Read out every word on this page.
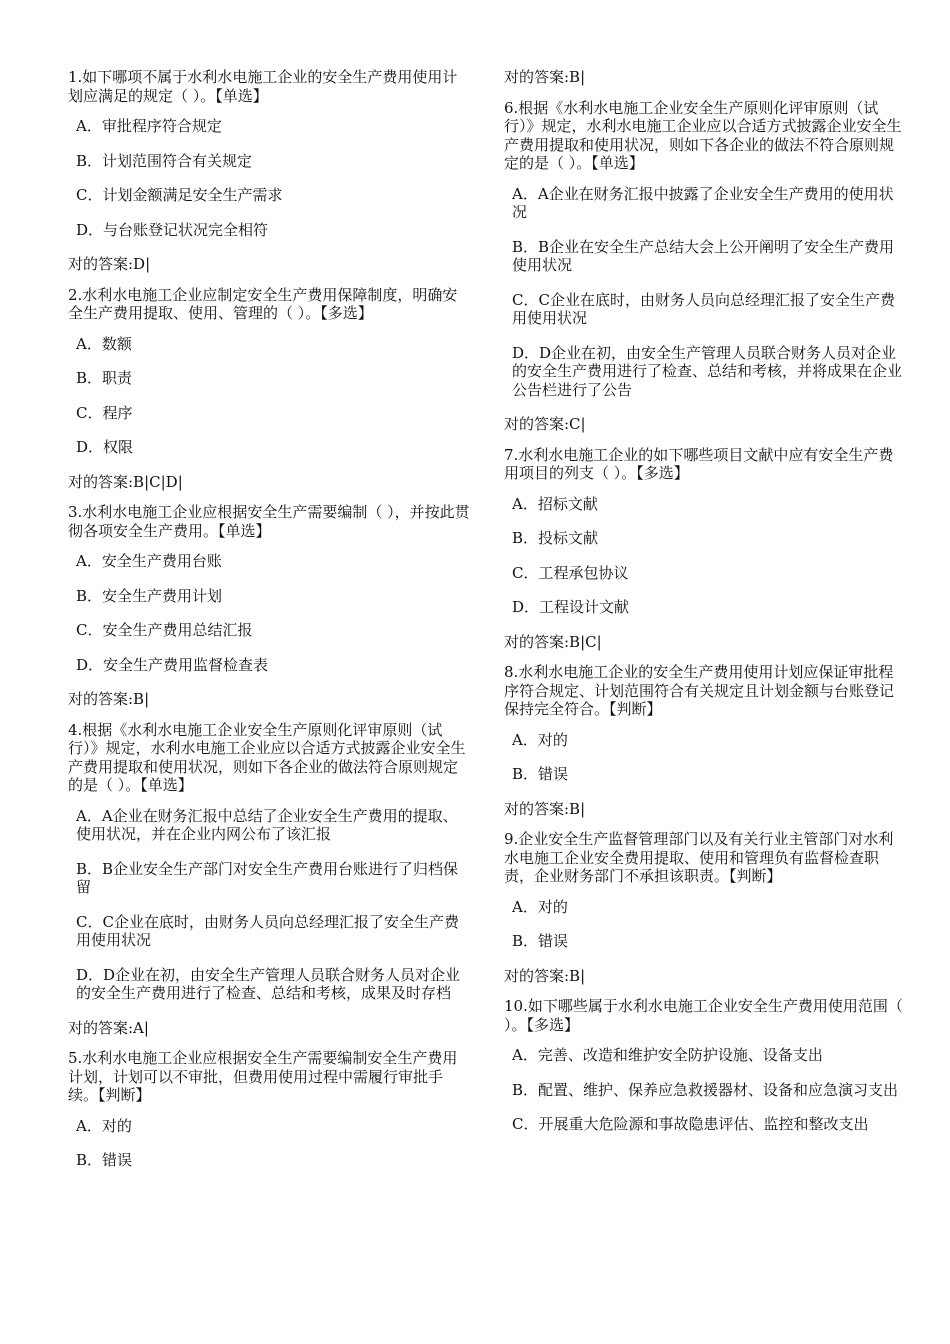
1.如下哪项不属于水利水电施工企业的安全生产费用使用计划应满足的规定（ ）。【单选】

A．审批程序符合规定

B．计划范围符合有关规定

C．计划金额满足安全生产需求

D．与台账登记状况完全相符

对的答案:D|

2.水利水电施工企业应制定安全生产费用保障制度，明确安全生产费用提取、使用、管理的（ ）。【多选】

A．数额

B．职责

C．程序

D．权限

对的答案:B|C|D|

3.水利水电施工企业应根据安全生产需要编制（ ），并按此贯彻各项安全生产费用。【单选】

A．安全生产费用台账

B．安全生产费用计划

C．安全生产费用总结汇报

D．安全生产费用监督检查表

对的答案:B|

4.根据《水利水电施工企业安全生产原则化评审原则（试行）》规定，水利水电施工企业应以合适方式披露企业安全生产费用提取和使用状况，则如下各企业的做法符合原则规定的是（ ）。【单选】

A．A企业在财务汇报中总结了企业安全生产费用的提取、使用状况，并在企业内网公布了该汇报

B．B企业安全生产部门对安全生产费用台账进行了归档保留

C．C企业在底时，由财务人员向总经理汇报了安全生产费用使用状况

D．D企业在初，由安全生产管理人员联合财务人员对企业的安全生产费用进行了检查、总结和考核，成果及时存档

对的答案:A|

5.水利水电施工企业应根据安全生产需要编制安全生产费用计划，计划可以不审批，但费用使用过程中需履行审批手续。【判断】

A．对的

B．错误

对的答案:B|

6.根据《水利水电施工企业安全生产原则化评审原则（试行）》规定，水利水电施工企业应以合适方式披露企业安全生产费用提取和使用状况，则如下各企业的做法不符合原则规定的是（ ）。【单选】

A．A企业在财务汇报中披露了企业安全生产费用的使用状况

B．B企业在安全生产总结大会上公开阐明了安全生产费用使用状况

C．C企业在底时，由财务人员向总经理汇报了安全生产费用使用状况

D．D企业在初，由安全生产管理人员联合财务人员对企业的安全生产费用进行了检查、总结和考核，并将成果在企业公告栏进行了公告

对的答案:C|

7.水利水电施工企业的如下哪些项目文献中应有安全生产费用项目的列支（ ）。【多选】

A．招标文献

B．投标文献

C．工程承包协议

D．工程设计文献

对的答案:B|C|

8.水利水电施工企业的安全生产费用使用计划应保证审批程序符合规定、计划范围符合有关规定且计划金额与台账登记保持完全符合。【判断】

A．对的

B．错误

对的答案:B|

9.企业安全生产监督管理部门以及有关行业主管部门对水利水电施工企业安全费用提取、使用和管理负有监督检查职责，企业财务部门不承担该职责。【判断】

A．对的

B．错误

对的答案:B|

10.如下哪些属于水利水电施工企业安全生产费用使用范围（ ）。【多选】

A．完善、改造和维护安全防护设施、设备支出

B．配置、维护、保养应急救援器材、设备和应急演习支出

C．开展重大危险源和事故隐患评估、监控和整改支出
